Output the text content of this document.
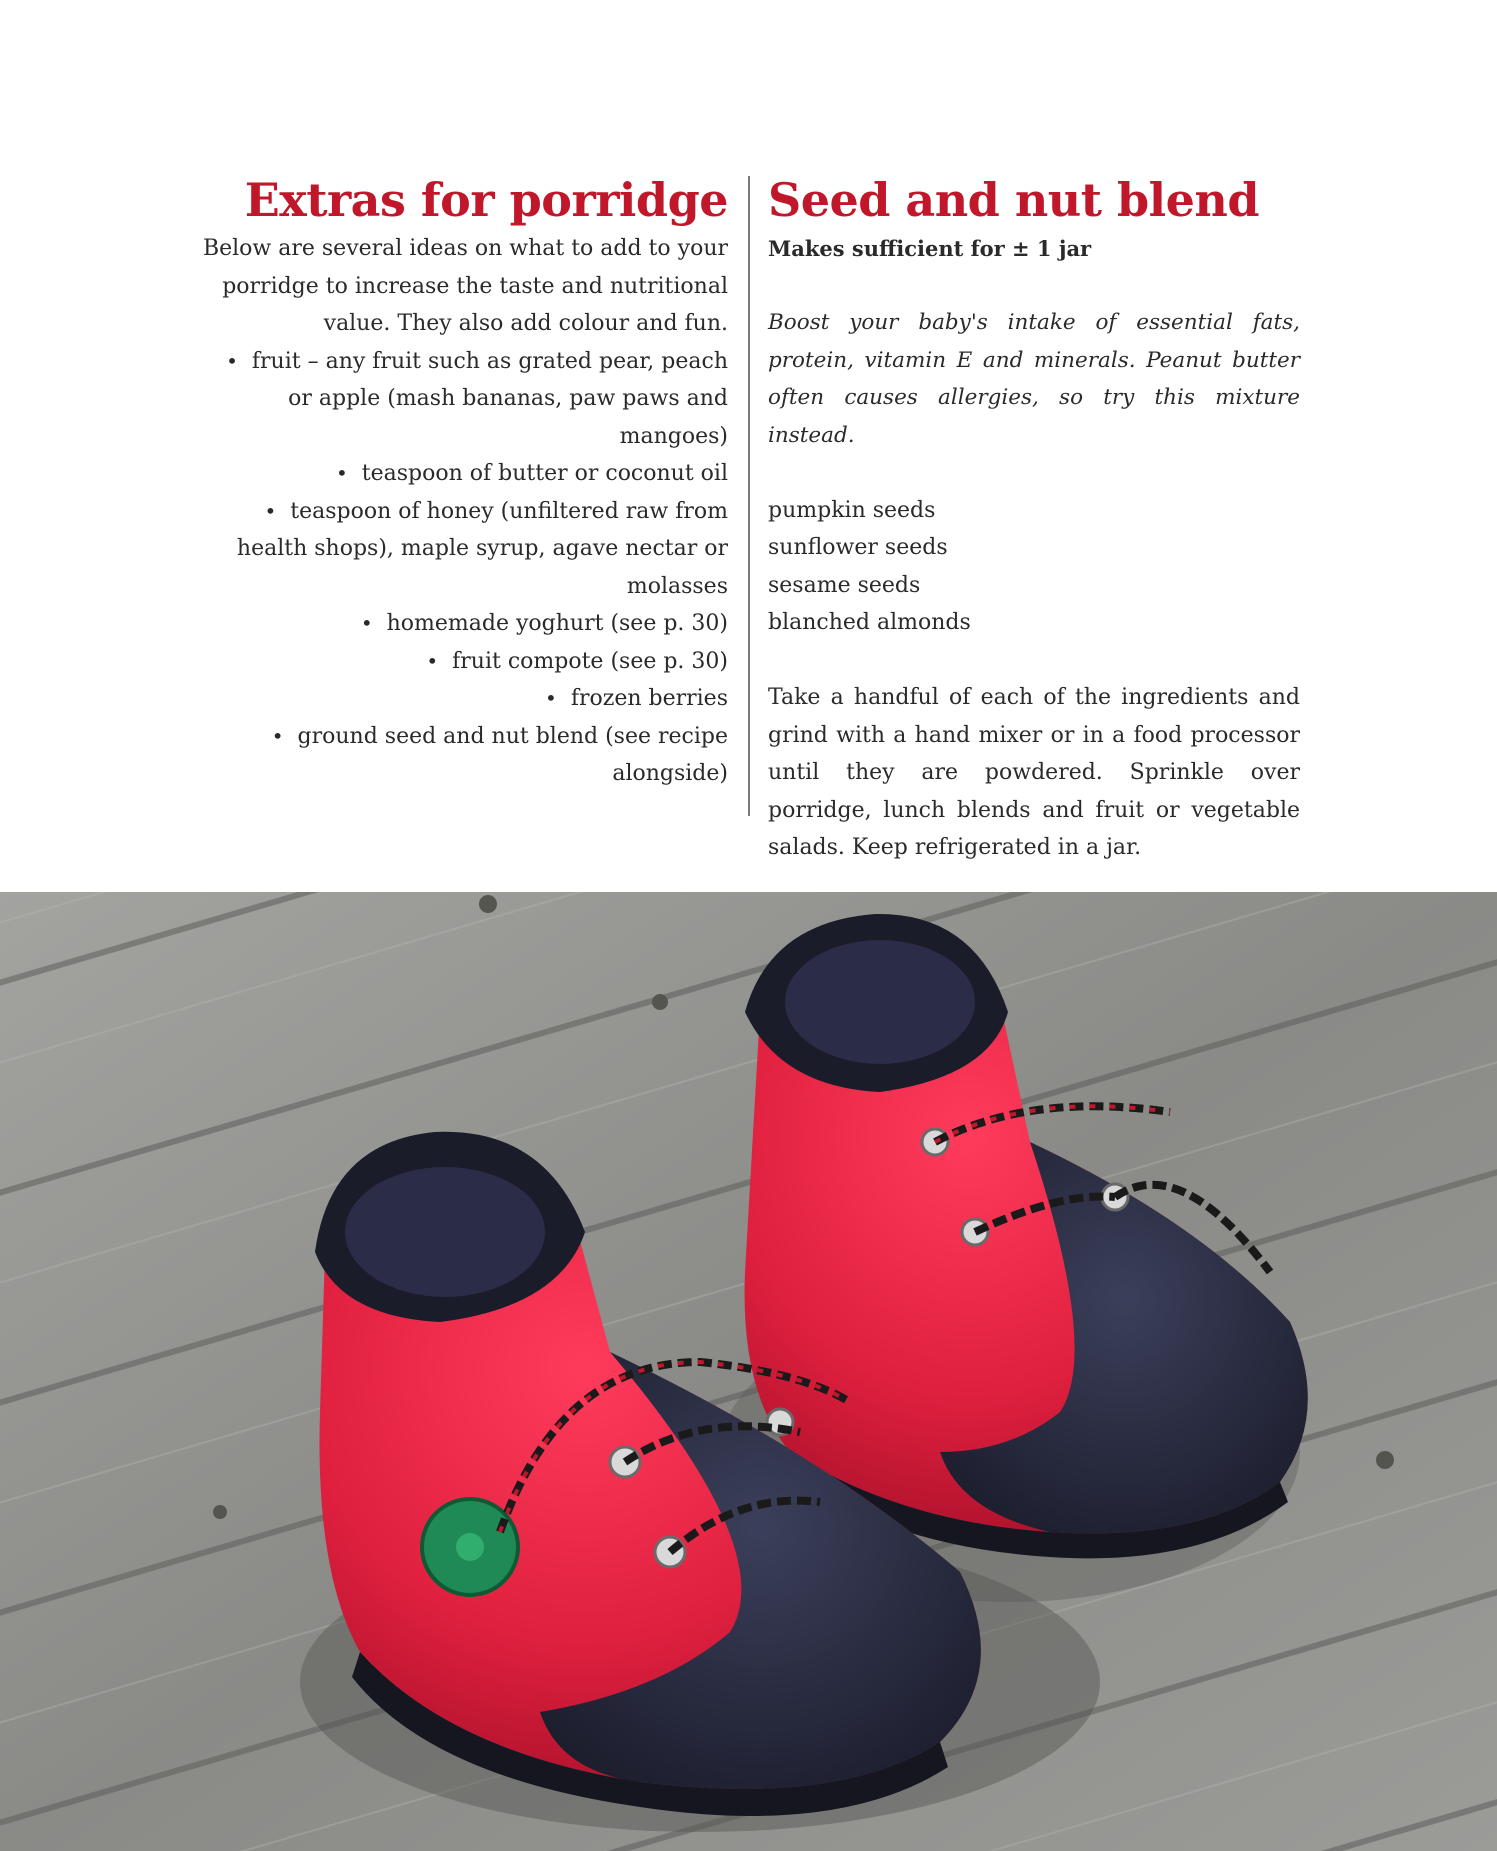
Extras for porridge

Below are several ideas on what to add to your porridge to increase the taste and nutritional value. They also add colour and fun.

• fruit – any fruit such as grated pear, peach or apple (mash bananas, paw paws and mangoes)
• teaspoon of butter or coconut oil
• teaspoon of honey (unfiltered raw from health shops), maple syrup, agave nectar or molasses
• homemade yoghurt (see p. 30)
• fruit compote (see p. 30)
• frozen berries
• ground seed and nut blend (see recipe alongside)
Seed and nut blend

Makes sufficient for ± 1 jar

Boost your baby's intake of essential fats, protein, vitamin E and minerals. Peanut butter often causes allergies, so try this mixture instead.

pumpkin seeds
sunflower seeds
sesame seeds
blanched almonds

Take a handful of each of the ingredients and grind with a hand mixer or in a food processor until they are powdered. Sprinkle over porridge, lunch blends and fruit or vegetable salads. Keep refrigerated in a jar.
